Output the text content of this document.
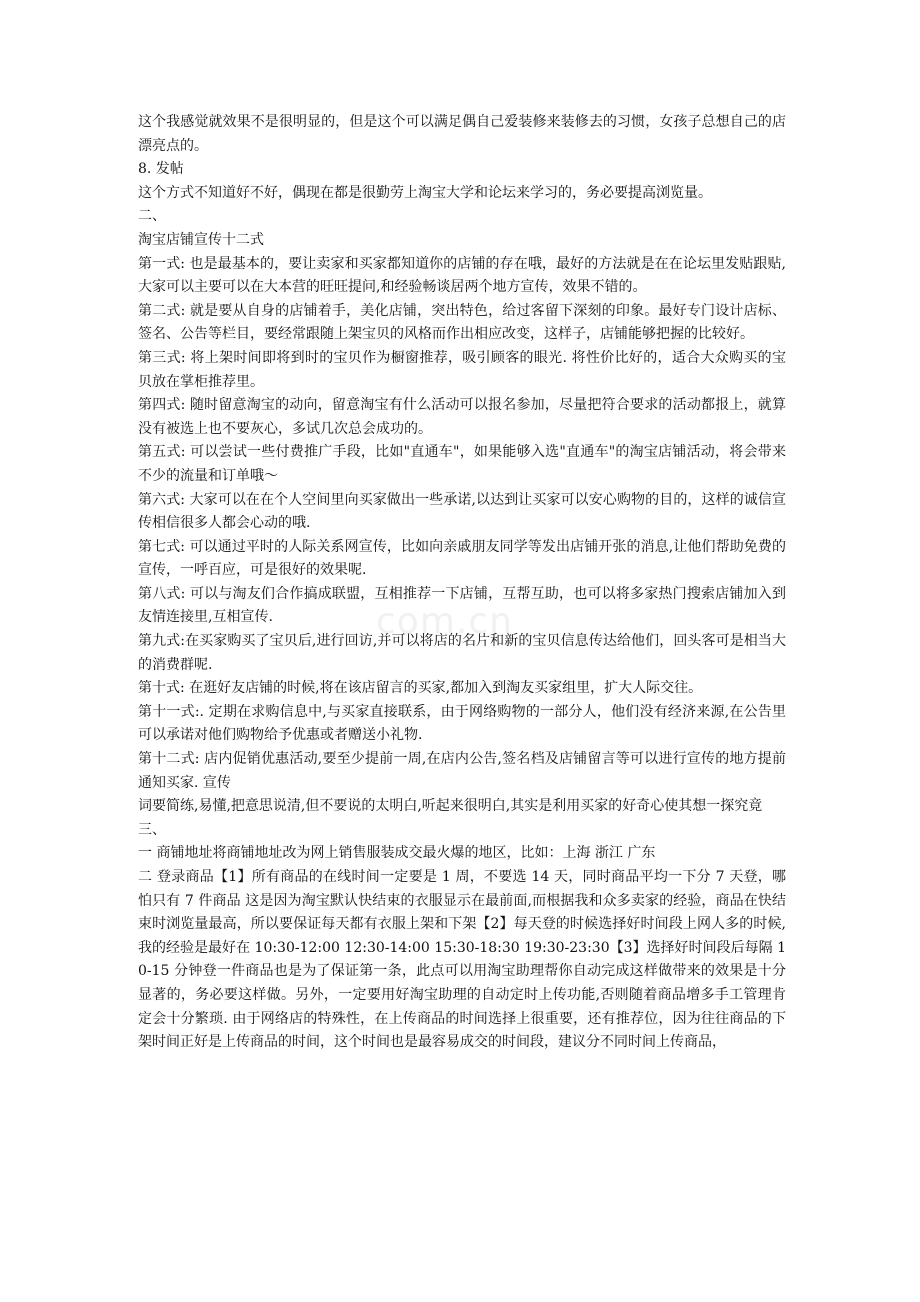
这个我感觉就效果不是很明显的，但是这个可以满足偶自己爱装修来装修去的习惯，女孩子总想自己的店漂亮点的。

8. 发帖

这个方式不知道好不好，偶现在都是很勤劳上淘宝大学和论坛来学习的，务必要提高浏览量。

二、

淘宝店铺宣传十二式

第一式: 也是最基本的，要让卖家和买家都知道你的店铺的存在哦，最好的方法就是在在论坛里发贴跟贴,大家可以主要可以在大本营的旺旺提问,和经验畅谈居两个地方宣传，效果不错的。

第二式: 就是要从自身的店铺着手，美化店铺，突出特色，给过客留下深刻的印象。最好专门设计店标、签名、公告等栏目，要经常跟随上架宝贝的风格而作出相应改变，这样子，店铺能够把握的比较好。

第三式: 将上架时间即将到时的宝贝作为橱窗推荐，吸引顾客的眼光. 将性价比好的，适合大众购买的宝贝放在掌柜推荐里。

第四式: 随时留意淘宝的动向，留意淘宝有什么活动可以报名参加，尽量把符合要求的活动都报上，就算没有被选上也不要灰心，多试几次总会成功的。

第五式: 可以尝试一些付费推广手段，比如"直通车"，如果能够入选"直通车"的淘宝店铺活动，将会带来不少的流量和订单哦～

第六式: 大家可以在在个人空间里向买家做出一些承诺,以达到让买家可以安心购物的目的，这样的诚信宣传相信很多人都会心动的哦.

第七式: 可以通过平时的人际关系网宣传，比如向亲戚朋友同学等发出店铺开张的消息,让他们帮助免费的宣传，一呼百应，可是很好的效果呢.

第八式: 可以与淘友们合作搞成联盟，互相推荐一下店铺，互帮互助，也可以将多家热门搜索店铺加入到友情连接里,互相宣传.

第九式:在买家购买了宝贝后,进行回访,并可以将店的名片和新的宝贝信息传达给他们，回头客可是相当大的消费群呢.

第十式: 在逛好友店铺的时候,将在该店留言的买家,都加入到淘友买家组里，扩大人际交往。

第十一式:. 定期在求购信息中,与买家直接联系，由于网络购物的一部分人，他们没有经济来源,在公告里可以承诺对他们购物给予优惠或者赠送小礼物.

第十二式: 店内促销优惠活动,要至少提前一周,在店内公告,签名档及店铺留言等可以进行宣传的地方提前通知买家. 宣传

词要简练,易懂,把意思说清,但不要说的太明白,听起来很明白,其实是利用买家的好奇心使其想一探究竟

三、

一 商铺地址将商铺地址改为网上销售服装成交最火爆的地区，比如：上海 浙江 广东

二 登录商品【1】所有商品的在线时间一定要是 1 周，不要选 14 天，同时商品平均一下分 7 天登，哪怕只有 7 件商品 这是因为淘宝默认快结束的衣服显示在最前面,而根据我和众多卖家的经验，商品在快结束时浏览量最高，所以要保证每天都有衣服上架和下架【2】每天登的时候选择好时间段上网人多的时候,我的经验是最好在 10:30-12:00 12:30-14:00 15:30-18:30 19:30-23:30【3】选择好时间段后每隔 10-15 分钟登一件商品也是为了保证第一条，此点可以用淘宝助理帮你自动完成这样做带来的效果是十分显著的，务必要这样做。另外，一定要用好淘宝助理的自动定时上传功能,否则随着商品增多手工管理肯定会十分繁琐. 由于网络店的特殊性，在上传商品的时间选择上很重要，还有推荐位，因为往往商品的下架时间正好是上传商品的时间，这个时间也是最容易成交的时间段，建议分不同时间上传商品，

com.cn
